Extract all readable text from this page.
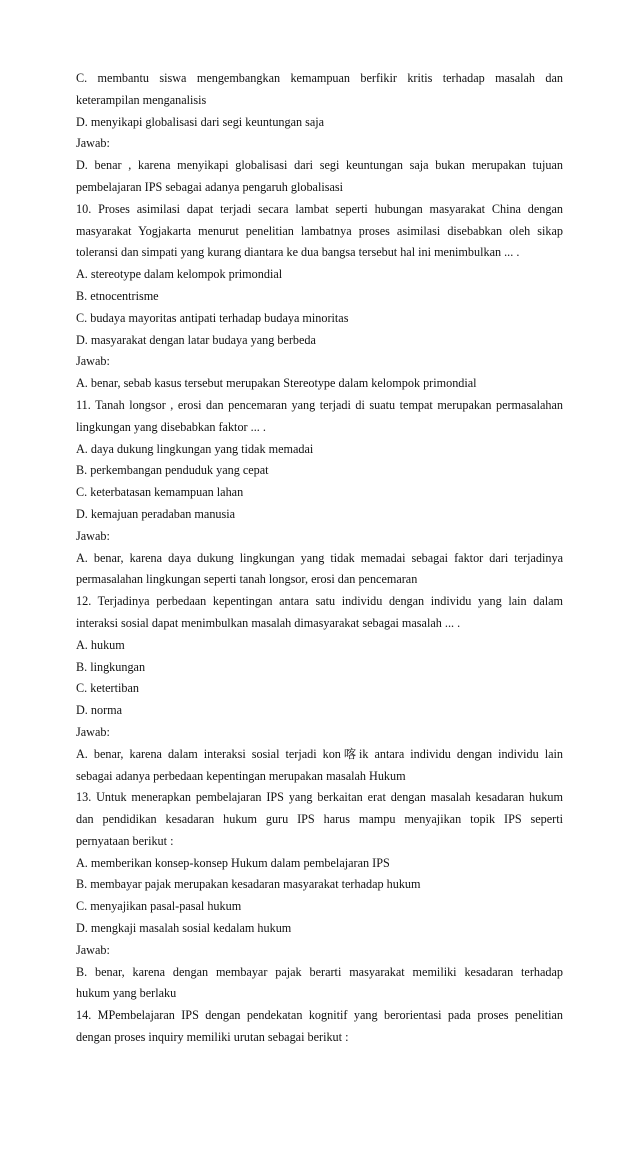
C. membantu siswa mengembangkan kemampuan berfikir kritis terhadap masalah dan
keterampilan menganalisis
D. menyikapi globalisasi dari segi keuntungan saja
Jawab:
D. benar , karena menyikapi globalisasi dari segi keuntungan saja bukan merupakan tujuan
pembelajaran IPS sebagai adanya pengaruh globalisasi
10. Proses asimilasi dapat terjadi secara lambat seperti hubungan masyarakat China dengan
masyarakat Yogjakarta menurut penelitian lambatnya proses asimilasi disebabkan oleh sikap
toleransi dan simpati yang kurang diantara ke dua bangsa tersebut hal ini menimbulkan ... .
A. stereotype dalam kelompok primondial
B. etnocentrisme
C. budaya mayoritas antipati terhadap budaya minoritas
D. masyarakat dengan latar budaya yang berbeda
Jawab:
A. benar, sebab kasus tersebut merupakan Stereotype dalam kelompok primondial
11. Tanah longsor , erosi dan pencemaran yang terjadi di suatu tempat merupakan permasalahan
lingkungan yang disebabkan faktor ... .
A. daya dukung lingkungan yang tidak memadai
B. perkembangan penduduk yang cepat
C. keterbatasan kemampuan lahan
D. kemajuan peradaban manusia
Jawab:
A. benar, karena daya dukung lingkungan yang tidak memadai sebagai faktor dari terjadinya
permasalahan lingkungan seperti tanah longsor, erosi dan pencemaran
12. Terjadinya perbedaan kepentingan antara satu individu dengan individu yang lain dalam
interaksi sosial dapat menimbulkan masalah dimasyarakat sebagai masalah ... .
A. hukum
B. lingkungan
C. ketertiban
D. norma
Jawab:
A. benar, karena dalam interaksi sosial terjadi kon喀ik antara individu dengan individu lain
sebagai adanya perbedaan kepentingan merupakan masalah Hukum
13. Untuk menerapkan pembelajaran IPS yang berkaitan erat dengan masalah kesadaran hukum
dan pendidikan kesadaran hukum guru IPS harus mampu menyajikan topik IPS seperti
pernyataan berikut :
A. memberikan konsep-konsep Hukum dalam pembelajaran IPS
B. membayar pajak merupakan kesadaran masyarakat terhadap hukum
C. menyajikan pasal-pasal hukum
D. mengkaji masalah sosial kedalam hukum
Jawab:
B. benar, karena dengan membayar pajak berarti masyarakat memiliki kesadaran terhadap
hukum yang berlaku
14. MPembelajaran IPS dengan pendekatan kognitif yang berorientasi pada proses penelitian
dengan proses inquiry memiliki urutan sebagai berikut :
